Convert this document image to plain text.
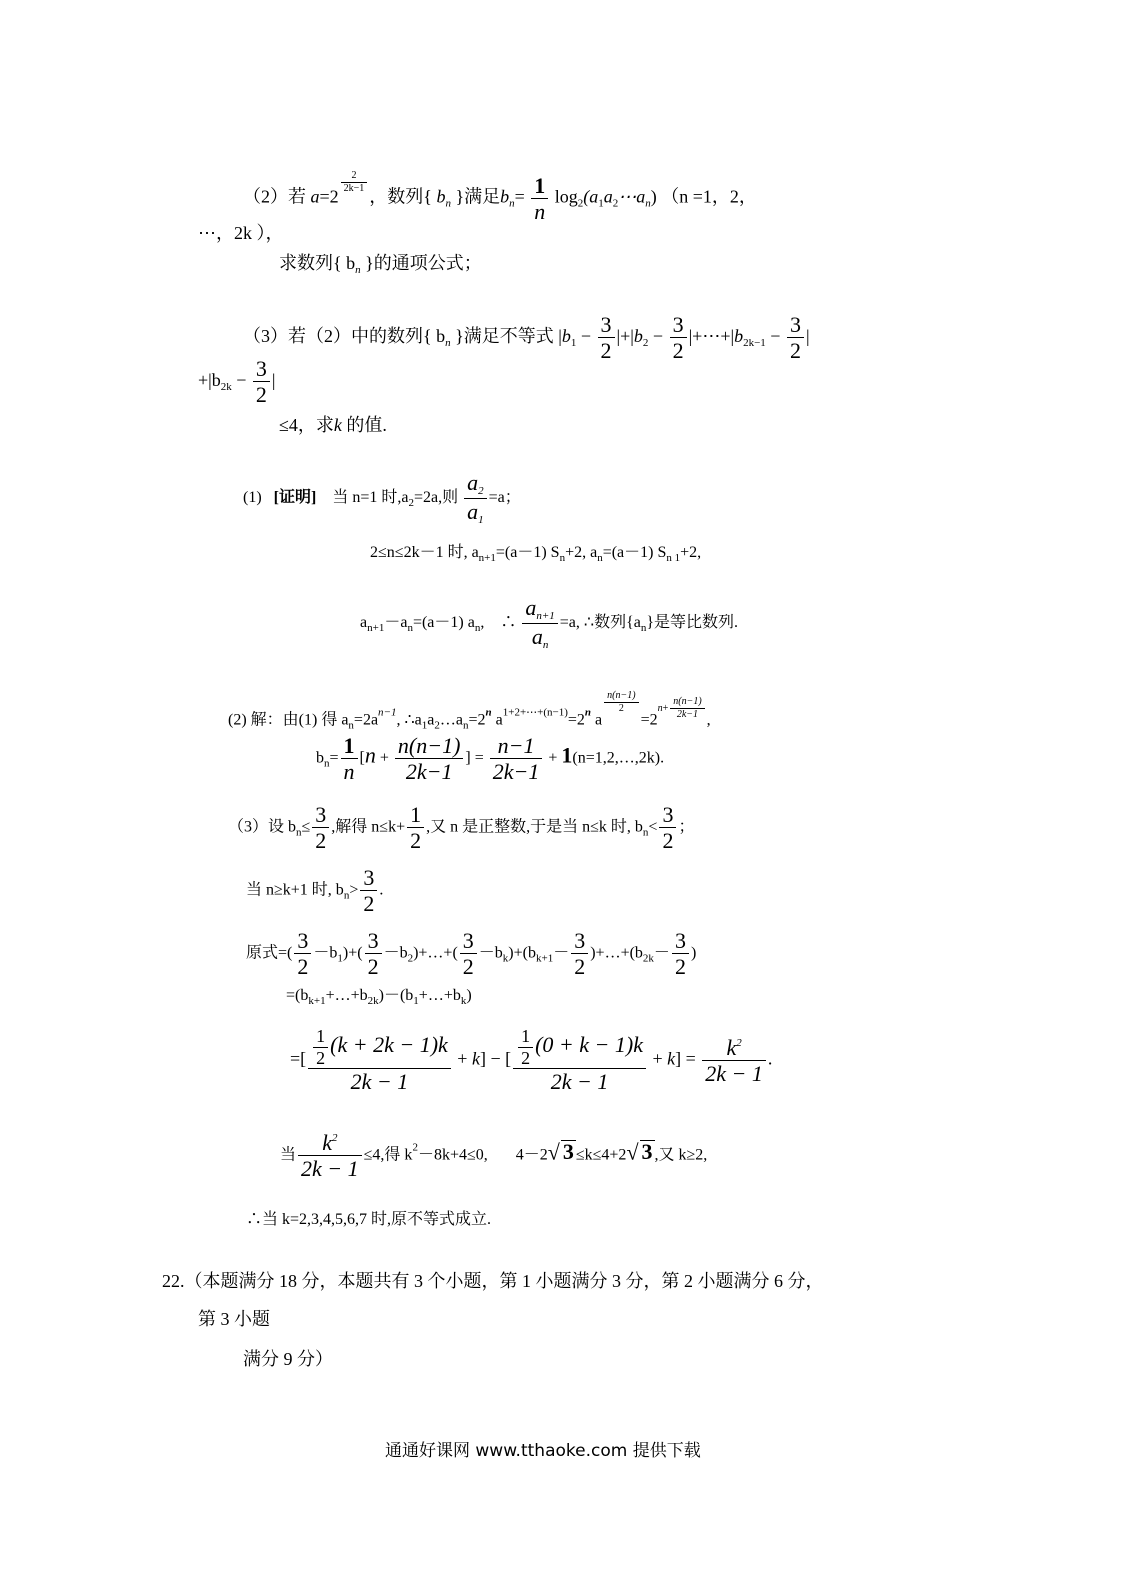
（2）若 a=2
$\frac{2}{2k-1}$
，数列{ $b_n$ }满足$b_n= \frac{1}{n}$ $\log_2(a_1a_2\cdots a_n)$ （n =1，2，
⋯，2k ），
求数列{ $b_n$ }的通项公式；
（3）若（2）中的数列{ $b_n$ }满足不等式 $|b_1 - \frac{3}{2} |+|b_2 - \frac{3}{2}$ $|+\cdots+|b_{2k-1} - \frac{3}{2}$ |
$+|b_{2k} - \frac{3}{2}$ |
≤4，求k 的值.
(1) [证明] 当 n=1 时$,a_2=2a$,则 $\frac{a_2}{a_1} =a$；
2≤n≤2k－1 时, $a_{n+1}=(a-1)$ $S_n+2$, $a_n=(a-1)$ $S_{n 1}+2$,
$a_{n+1}-a_n=(a-1)$ $a_n$,　∴ $\frac{a_{n+1}}{a_n} =a$, ∴数列$\{a_n\}$是等比数列.
(2) 解：由(1) 得 $a_n=2a^{n-1}$, $\therefore a_1a_2\dots a_n=2^n$ $a^{1+2+\cdots+(n-1)}=2^n$ a
$\frac{n(n-1)}{2}$
$=2^{n+ \frac{n(n-1)}{2k-1}}$ ,
$b_n= \frac{1}{n} [n + \frac{n(n-1)}{2k-1}$ ] = $\frac{n-1}{2k-1}$ + 1(n=1,2,…,2k).
（3）设 $b_n\le \frac{3}{2}$ ,解得 $n\le k+ \frac{1}{2}$ ,又 n 是正整数,于是当 n≤k 时, $b_n< \frac{3}{2}$ ；
当 n≥k+1 时, $b_n> \frac{3}{2}$ .
原式=( $\frac{3}{2} -b_1)+( \frac{3}{2}$ $-b_2)+\dots+( \frac{3}{2} -b_k)+(b_{k+1}- \frac{3}{2}$ )$+\dots+(b_{2k}- \frac{3}{2}$ )
$=(b_{k+1}+\dots+b_{2k})-(b_1+\dots+b_k)$
=[ $\frac{\frac{1}{2} (k + 2k - 1)k}{2k - 1} + k$] − [ $\frac{\frac{1}{2} (0 + k - 1)k}{2k - 1} + k] = \frac{k^2}{2k - 1}$ .
当 $\frac{k^2}{2k - 1} \le 4$,得 $k^2-8k+4\le 0$, 4－2√ 3 ≤k≤4+2√ 3 ,又 k≥2,
∴当 k=2,3,4,5,6,7 时,原不等式成立.
22.（本题满分 18 分，本题共有 3 个小题，第 1 小题满分 3 分，第 2 小题满分 6 分，
第 3 小题
满分 9 分）
通通好课网 www.tthaoke.com 提供下载
